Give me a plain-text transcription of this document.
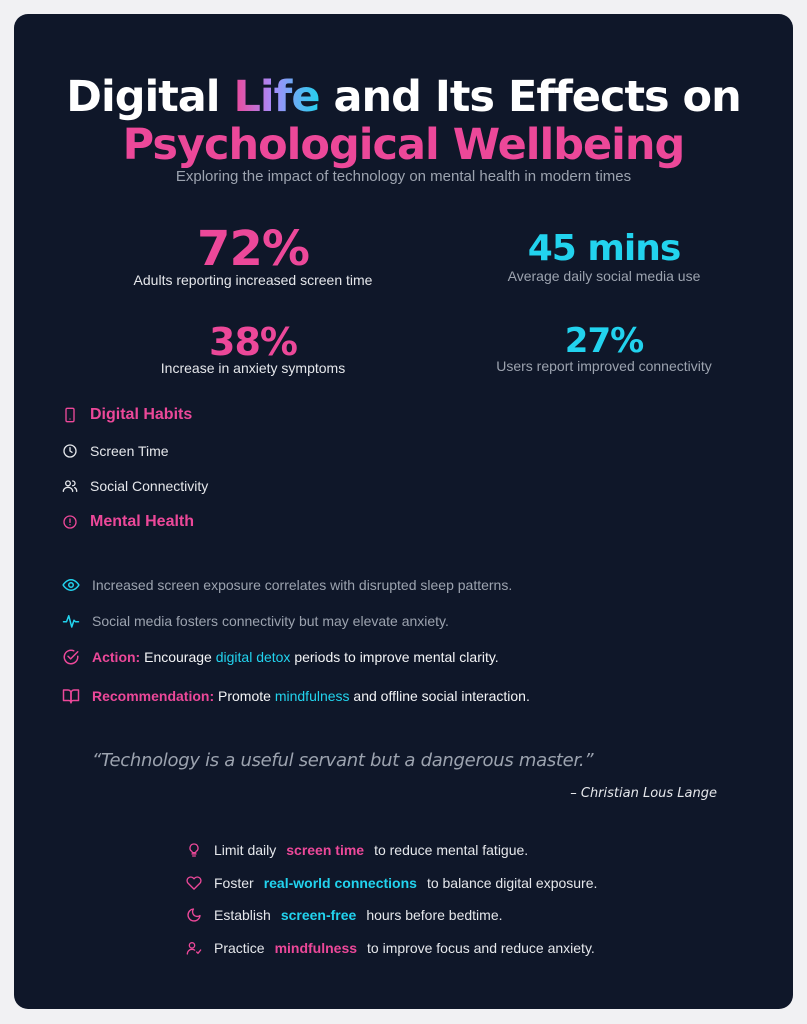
Digital Life and Its Effects on
Psychological Wellbeing
Exploring the impact of technology on mental health in modern times
72%
Adults reporting increased screen time
45 mins
Average daily social media use
38%
Increase in anxiety symptoms
27%
Users report improved connectivity
Digital Habits
Screen Time
Social Connectivity
Mental Health
Increased screen exposure correlates with disrupted sleep patterns.
Social media fosters connectivity but may elevate anxiety.
Action: Encourage digital detox periods to improve mental clarity.
Recommendation: Promote mindfulness and offline social interaction.
“Technology is a useful servant but a dangerous master.”
– Christian Lous Lange
Limit daily screen time to reduce mental fatigue.
Foster real-world connections to balance digital exposure.
Establish screen-free hours before bedtime.
Practice mindfulness to improve focus and reduce anxiety.
